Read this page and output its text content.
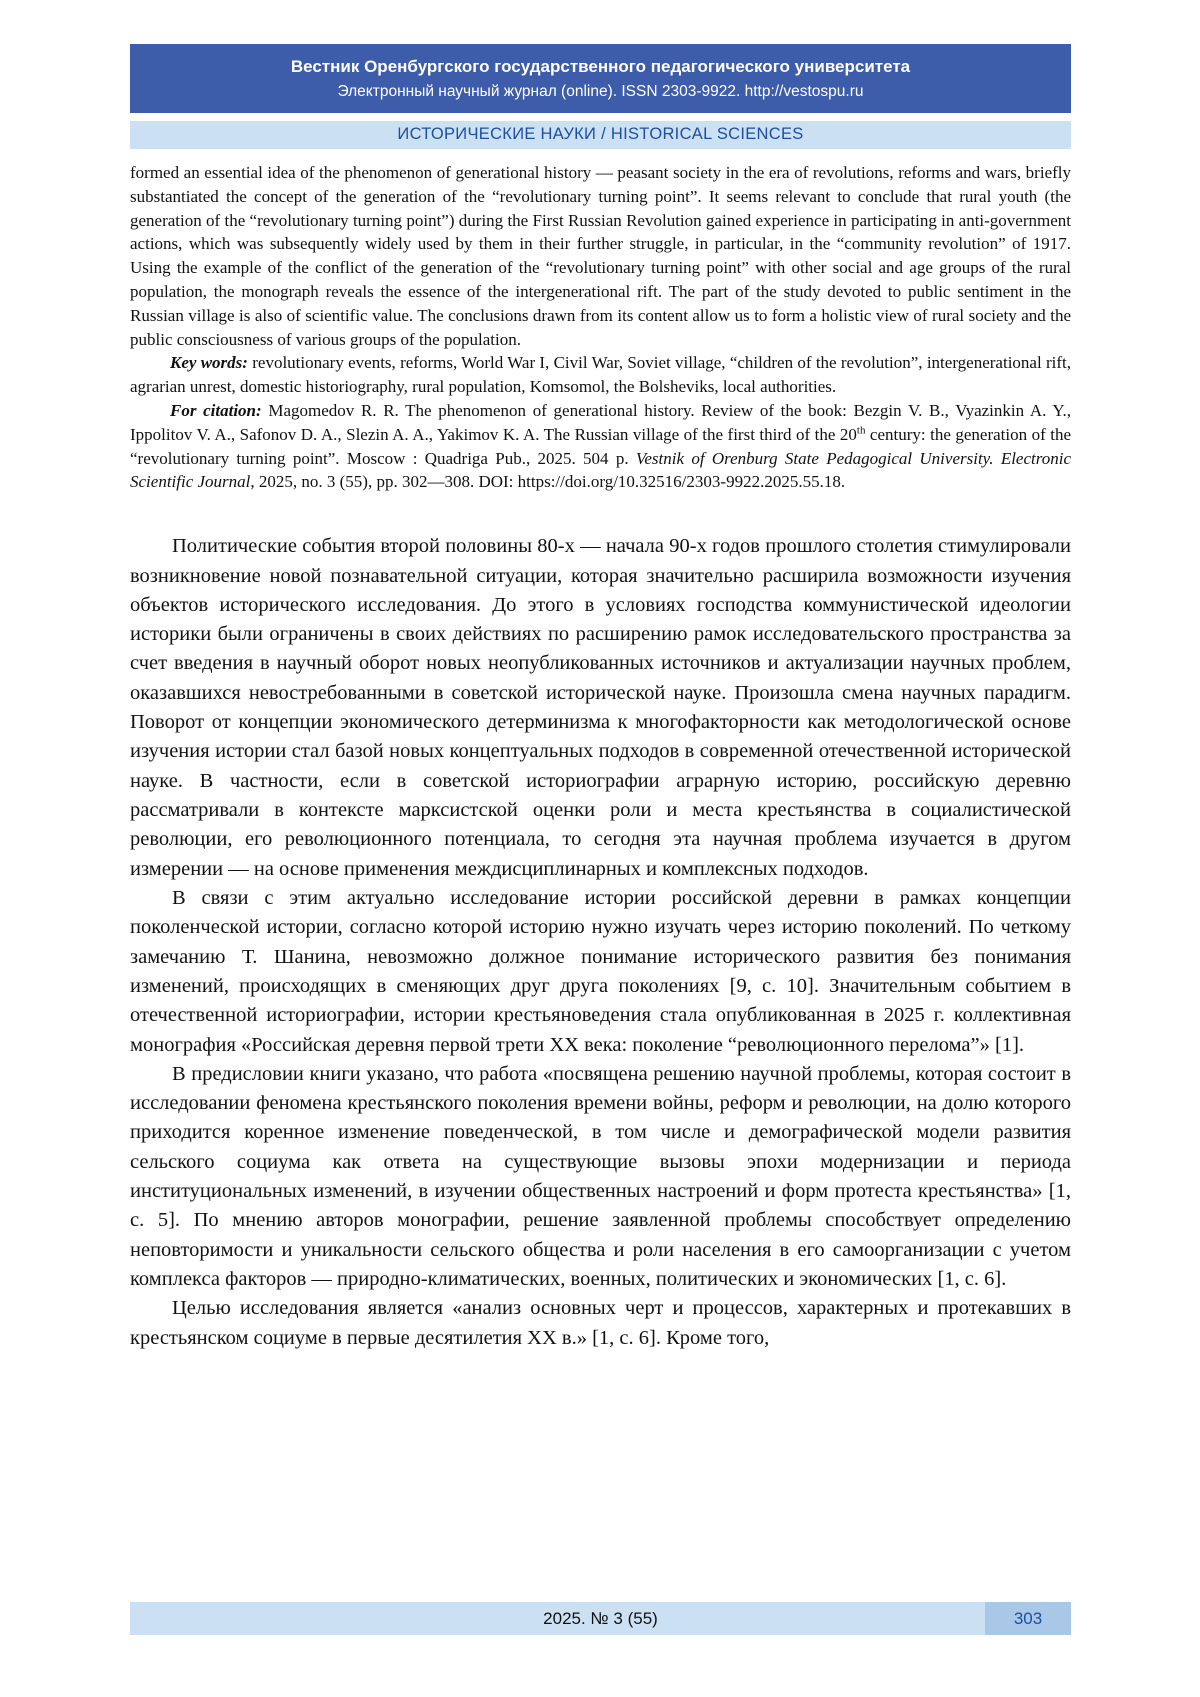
Вестник Оренбургского государственного педагогического университета
Электронный научный журнал (online). ISSN 2303-9922. http://vestospu.ru
ИСТОРИЧЕСКИЕ НАУКИ / HISTORICAL SCIENCES

formed an essential idea of the phenomenon of generational history — peasant society in the era of revolutions, reforms and wars, briefly substantiated the concept of the generation of the “revolutionary turning point”. It seems relevant to conclude that rural youth (the generation of the “revolutionary turning point”) during the First Russian Revolution gained experience in participating in anti-government actions, which was subsequently widely used by them in their further struggle, in particular, in the “community revolution” of 1917. Using the example of the conflict of the generation of the “revolutionary turning point” with other social and age groups of the rural population, the monograph reveals the essence of the intergenerational rift. The part of the study devoted to public sentiment in the Russian village is also of scientific value. The conclusions drawn from its content allow us to form a holistic view of rural society and the public consciousness of various groups of the population.

Key words: revolutionary events, reforms, World War I, Civil War, Soviet village, “children of the revolution”, intergenerational rift, agrarian unrest, domestic historiography, rural population, Komsomol, the Bolsheviks, local authorities.

For citation: Magomedov R. R. The phenomenon of generational history. Review of the book: Bezgin V. B., Vyazinkin A. Y., Ippolitov V. A., Safonov D. A., Slezin A. A., Yakimov K. A. The Russian village of the first third of the 20th century: the generation of the “revolutionary turning point”. Moscow : Quadriga Pub., 2025. 504 p. Vestnik of Orenburg State Pedagogical University. Electronic Scientific Journal, 2025, no. 3 (55), pp. 302—308. DOI: https://doi.org/10.32516/2303-9922.2025.55.18.

Политические события второй половины 80-х — начала 90-х годов прошлого столетия стимулировали возникновение новой познавательной ситуации, которая значительно расширила возможности изучения объектов исторического исследования. До этого в условиях господства коммунистической идеологии историки были ограничены в своих действиях по расширению рамок исследовательского пространства за счет введения в научный оборот новых неопубликованных источников и актуализации научных проблем, оказавшихся невостребованными в советской исторической науке. Произошла смена научных парадигм. Поворот от концепции экономического детерминизма к многофакторности как методологической основе изучения истории стал базой новых концептуальных подходов в современной отечественной исторической науке. В частности, если в советской историографии аграрную историю, российскую деревню рассматривали в контексте марксистской оценки роли и места крестьянства в социалистической революции, его революционного потенциала, то сегодня эта научная проблема изучается в другом измерении — на основе применения междисциплинарных и комплексных подходов.

В связи с этим актуально исследование истории российской деревни в рамках концепции поколенческой истории, согласно которой историю нужно изучать через историю поколений. По четкому замечанию Т. Шанина, невозможно должное понимание исторического развития без понимания изменений, происходящих в сменяющих друг друга поколениях [9, с. 10]. Значительным событием в отечественной историографии, истории крестьяноведения стала опубликованная в 2025 г. коллективная монография «Российская деревня первой трети XX века: поколение “революционного перелома”» [1].

В предисловии книги указано, что работа «посвящена решению научной проблемы, которая состоит в исследовании феномена крестьянского поколения времени войны, реформ и революции, на долю которого приходится коренное изменение поведенческой, в том числе и демографической модели развития сельского социума как ответа на существующие вызовы эпохи модернизации и периода институциональных изменений, в изучении общественных настроений и форм протеста крестьянства» [1, с. 5]. По мнению авторов монографии, решение заявленной проблемы способствует определению неповторимости и уникальности сельского общества и роли населения в его самоорганизации с учетом комплекса факторов — природно-климатических, военных, политических и экономических [1, с. 6].

Целью исследования является «анализ основных черт и процессов, характерных и протекавших в крестьянском социуме в первые десятилетия XX в.» [1, с. 6]. Кроме того,

2025. № 3 (55)	303
